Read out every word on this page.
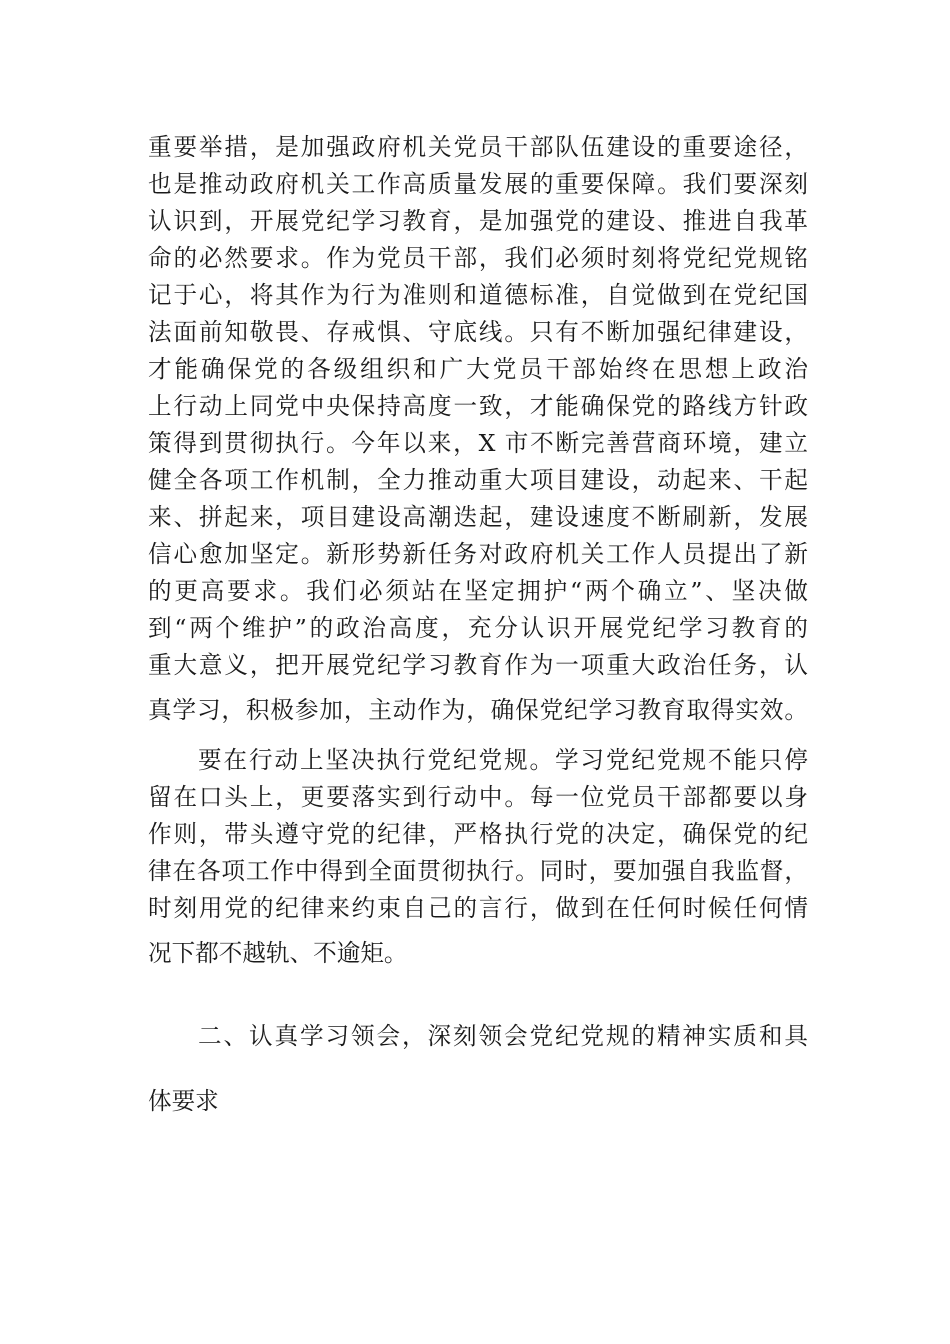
重要举措，是加强政府机关党员干部队伍建设的重要途径，
也是推动政府机关工作高质量发展的重要保障。我们要深刻
认识到，开展党纪学习教育，是加强党的建设、推进自我革
命的必然要求。作为党员干部，我们必须时刻将党纪党规铭
记于心，将其作为行为准则和道德标准，自觉做到在党纪国
法面前知敬畏、存戒惧、守底线。只有不断加强纪律建设，
才能确保党的各级组织和广大党员干部始终在思想上政治
上行动上同党中央保持高度一致，才能确保党的路线方针政
策得到贯彻执行。今年以来，X 市不断完善营商环境，建立
健全各项工作机制，全力推动重大项目建设，动起来、干起
来、拼起来，项目建设高潮迭起，建设速度不断刷新，发展
信心愈加坚定。新形势新任务对政府机关工作人员提出了新
的更高要求。我们必须站在坚定拥护“两个确立”、坚决做
到“两个维护”的政治高度，充分认识开展党纪学习教育的
重大意义，把开展党纪学习教育作为一项重大政治任务，认
真学习，积极参加，主动作为，确保党纪学习教育取得实效。
要在行动上坚决执行党纪党规。学习党纪党规不能只停
留在口头上，更要落实到行动中。每一位党员干部都要以身
作则，带头遵守党的纪律，严格执行党的决定，确保党的纪
律在各项工作中得到全面贯彻执行。同时，要加强自我监督，
时刻用党的纪律来约束自己的言行，做到在任何时候任何情
况下都不越轨、不逾矩。
二、认真学习领会，深刻领会党纪党规的精神实质和具
体要求
